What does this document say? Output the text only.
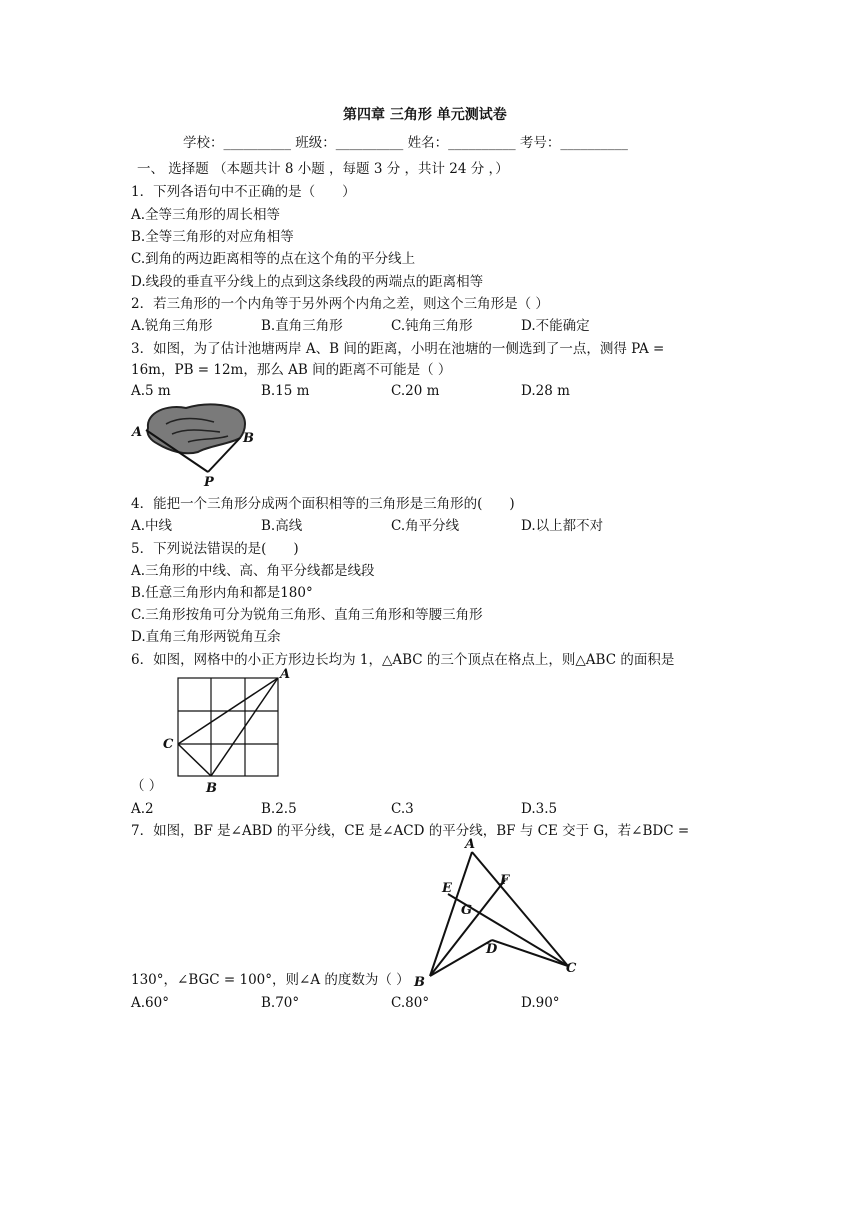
第四章 三角形 单元测试卷
学校：__________ 班级：__________ 姓名：__________ 考号：__________
一、 选择题 （本题共计 8 小题 ，每题 3 分 ，共计 24 分 ，）
1．下列各语句中不正确的是（　　）
A.全等三角形的周长相等
B.全等三角形的对应角相等
C.到角的两边距离相等的点在这个角的平分线上
D.线段的垂直平分线上的点到这条线段的两端点的距离相等
2．若三角形的一个内角等于另外两个内角之差，则这个三角形是（ ）
A.锐角三角形	B.直角三角形	C.钝角三角形	D.不能确定
3．如图，为了估计池塘两岸 A、B 间的距离，小明在池塘的一侧选到了一点，测得 PA =
16m，PB = 12m，那么 AB 间的距离不可能是（ ）
A.5 m	B.15 m	C.20 m	D.28 m
A	B
P
4．能把一个三角形分成两个面积相等的三角形是三角形的(　　)
A.中线	B.高线	C.角平分线	D.以上都不对
5．下列说法错误的是(　　)
A.三角形的中线、高、角平分线都是线段
B.任意三角形内角和都是180°
C.三角形按角可分为锐角三角形、直角三角形和等腰三角形
D.直角三角形两锐角互余
6．如图，网格中的小正方形边长均为 1，△ABC 的三个顶点在格点上，则△ABC 的面积是
A
B
C
（ ）
A.2	B.2.5	C.3	D.3.5
7．如图，BF 是∠ABD 的平分线，CE 是∠ACD 的平分线，BF 与 CE 交于 G，若∠BDC =
A
B
C
D
E
F
G
130°，∠BGC = 100°，则∠A 的度数为（ ）
A.60°	B.70°	C.80°	D.90°
